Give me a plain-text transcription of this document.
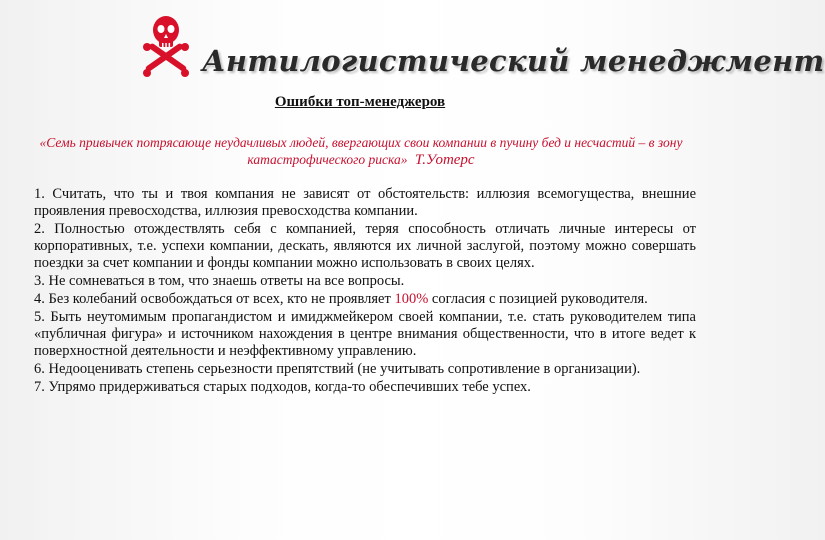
Антилогистический менеджмент
Ошибки топ-менеджеров
«Семь привычек потрясающе неудачливых людей, ввергающих свои компании в пучину бед и несчастий – в зону катастрофического риска» Т.Уотерс
1. Считать, что ты и твоя компания не зависят от обстоятельств: иллюзия всемогущества, внешние проявления превосходства, иллюзия превосходства компании.
2. Полностью отождествлять себя с компанией, теряя способность отличать личные интересы от корпоративных, т.е. успехи компании, дескать, являются их личной заслугой, поэтому можно совершать поездки за счет компании и фонды компании можно использовать в своих целях.
3. Не сомневаться в том, что знаешь ответы на все вопросы.
4. Без колебаний освобождаться от всех, кто не проявляет 100% согласия с позицией руководителя.
5. Быть неутомимым пропагандистом и имиджмейкером своей компании, т.е. стать руководителем типа «публичная фигура» и источником нахождения в центре внимания общественности, что в итоге ведет к поверхностной деятельности и неэффективному управлению.
6. Недооценивать степень серьезности препятствий (не учитывать сопротивление в организации).
7. Упрямо придерживаться старых подходов, когда-то обеспечивших тебе успех.
